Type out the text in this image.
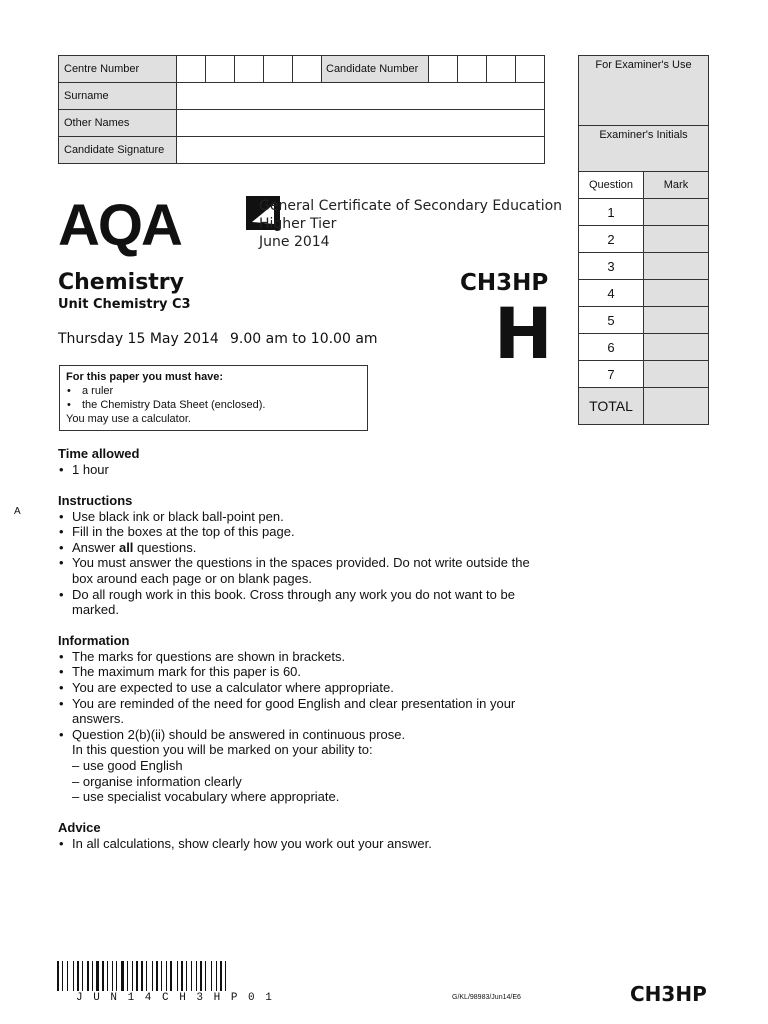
Centre Number						Candidate Number				
Surname										
Other Names										
Candidate Signature										
For Examiner's Use	
Examiner's Initials	
Question	Mark
1	
2	
3	
4	
5	
6	
7	
TOTAL	
AQA	General Certificate of Secondary Education
Higher Tier
June 2014
Chemistry
Unit Chemistry C3
CH3HP
H
Thursday 15 May 2014 9.00 am to 10.00 am
For this paper you must have:
• a ruler
• the Chemistry Data Sheet (enclosed).
You may use a calculator.
A
Time allowed
• 1 hour
Instructions
• Use black ink or black ball-point pen.
• Fill in the boxes at the top of this page.
• Answer all questions.
• You must answer the questions in the spaces provided. Do not write outside the box around each page or on blank pages.
• Do all rough work in this book. Cross through any work you do not want to be marked.
Information
• The marks for questions are shown in brackets.
• The maximum mark for this paper is 60.
• You are expected to use a calculator where appropriate.
• You are reminded of the need for good English and clear presentation in your answers.
• Question 2(b)(ii) should be answered in continuous prose.
In this question you will be marked on your ability to:
– use good English
– organise information clearly
– use specialist vocabulary where appropriate.
Advice
• In all calculations, show clearly how you work out your answer.
J U N 1 4 C H 3 H P 0 1	G/KL/98983/Jun14/E6	CH3HP
